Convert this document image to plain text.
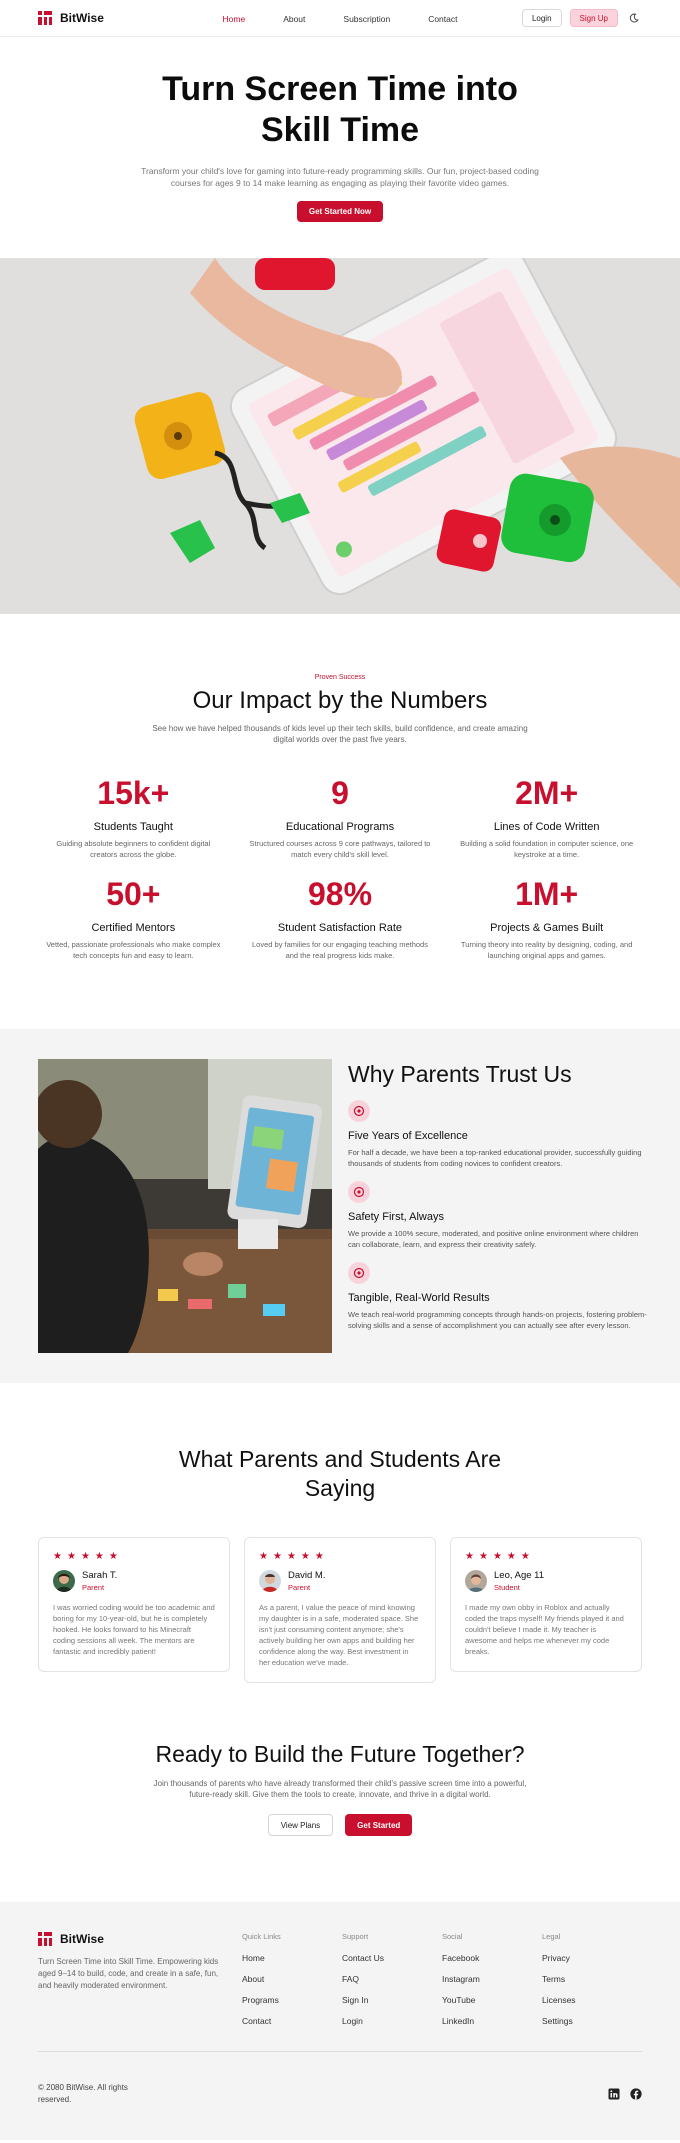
BitWise	Home	About	Subscription	Contact	Login	Sign Up
Turn Screen Time into Skill Time

Transform your child's love for gaming into future-ready programming skills. Our fun, project-based coding courses for ages 9 to 14 make learning as engaging as playing their favorite video games.

Get Started Now
Proven Success
Our Impact by the Numbers

See how we have helped thousands of kids level up their tech skills, build confidence, and create amazing digital worlds over the past five years.

15k+
Students Taught
Guiding absolute beginners to confident digital creators across the globe.
9
Educational Programs
Structured courses across 9 core pathways, tailored to match every child's skill level.
2M+
Lines of Code Written
Building a solid foundation in computer science, one keystroke at a time.
50+
Certified Mentors
Vetted, passionate professionals who make complex tech concepts fun and easy to learn.
98%
Student Satisfaction Rate
Loved by families for our engaging teaching methods and the real progress kids make.
1M+
Projects & Games Built
Turning theory into reality by designing, coding, and launching original apps and games.
Why Parents Trust Us
Five Years of Excellence
For half a decade, we have been a top-ranked educational provider, successfully guiding thousands of students from coding novices to confident creators.
Safety First, Always
We provide a 100% secure, moderated, and positive online environment where children can collaborate, learn, and express their creativity safely.
Tangible, Real-World Results
We teach real-world programming concepts through hands-on projects, fostering problem-solving skills and a sense of accomplishment you can actually see after every lesson.
What Parents and Students Are Saying
★ ★ ★ ★ ★
Sarah T.
Parent

I was worried coding would be too academic and boring for my 10-year-old, but he is completely hooked. He looks forward to his Minecraft coding sessions all week. The mentors are fantastic and incredibly patient!

★ ★ ★ ★ ★
David M.
Parent

As a parent, I value the peace of mind knowing my daughter is in a safe, moderated space. She isn't just consuming content anymore; she's actively building her own apps and building her confidence along the way. Best investment in her education we've made.

★ ★ ★ ★ ★
Leo, Age 11
Student

I made my own obby in Roblox and actually coded the traps myself! My friends played it and couldn't believe I made it. My teacher is awesome and helps me whenever my code breaks.

Ready to Build the Future Together?

Join thousands of parents who have already transformed their child's passive screen time into a powerful, future-ready skill. Give them the tools to create, innovate, and thrive in a digital world.

View Plans	Get Started
BitWise

Turn Screen Time into Skill Time. Empowering kids aged 9–14 to build, code, and create in a safe, fun, and heavily moderated environment.

Quick Links
Home
About
Programs
Contact
Support
Contact Us
FAQ
Sign In
Login
Social
Facebook
Instagram
YouTube
LinkedIn
Legal
Privacy
Terms
Licenses
Settings

© 2080 BitWise. All rights reserved.
